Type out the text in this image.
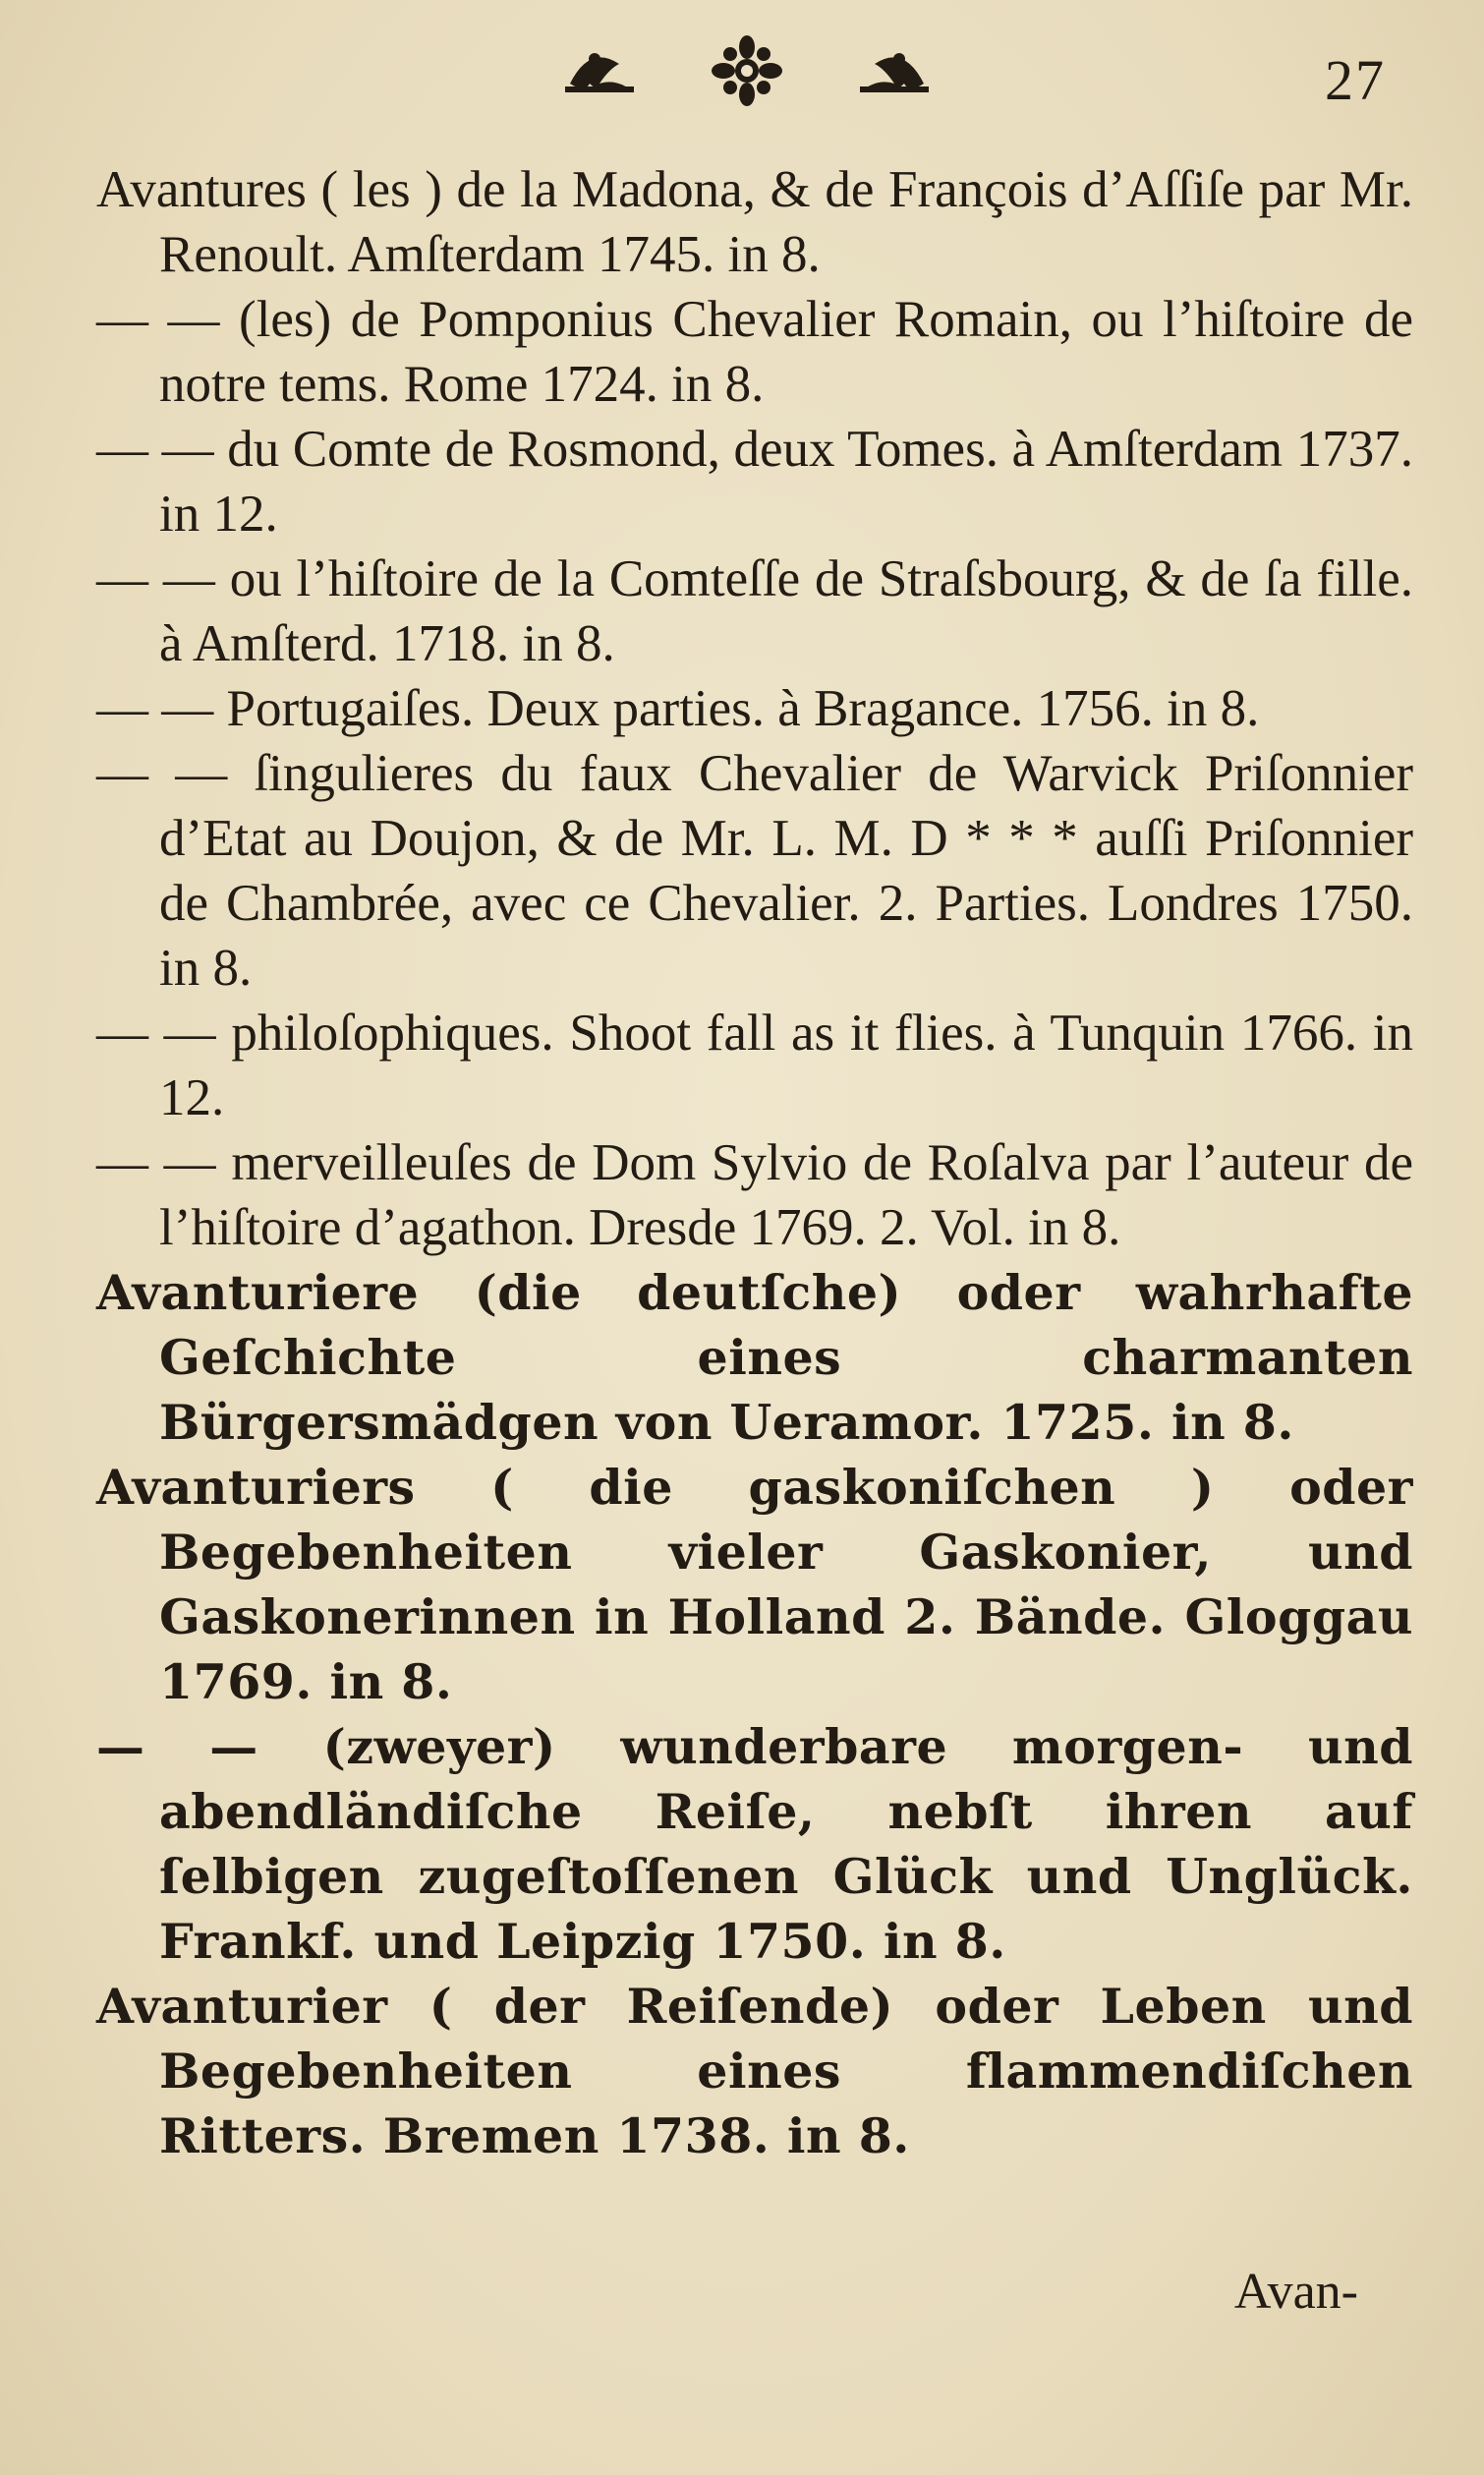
27

Avantures ( les ) de la Madona, & de François d’Aſſiſe par Mr. Renoult. Amſterdam 1745. in 8.

— — (les) de Pomponius Chevalier Romain, ou l’hiſtoire de notre tems. Rome 1724. in 8.

— — du Comte de Rosmond, deux Tomes. à Amſterdam 1737. in 12.

— — ou l’hiſtoire de la Comteſſe de Straſsbourg, & de ſa fille. à Amſterd. 1718. in 8.

— — Portugaiſes. Deux parties. à Bragance. 1756. in 8.

— — ſingulieres du faux Chevalier de Warvick Priſonnier d’Etat au Doujon, & de Mr. L. M. D * * * auſſi Priſonnier de Chambrée, avec ce Chevalier. 2. Parties. Londres 1750. in 8.

— — philoſophiques. Shoot fall as it flies. à Tunquin 1766. in 12.

— — merveilleuſes de Dom Sylvio de Roſalva par l’auteur de l’hiſtoire d’agathon. Dresde 1769. 2. Vol. in 8.

Avanturiere (die deutſche) oder wahrhafte Geſchichte eines charmanten Bürgersmädgen von Ueramor. 1725. in 8.

Avanturiers ( die gaskoniſchen ) oder Begebenheiten vieler Gaskonier, und Gaskonerinnen in Holland 2. Bände. Gloggau 1769. in 8.

— — (zweyer) wunderbare morgen- und abendländiſche Reiſe, nebſt ihren auf ſelbigen zugeſtoſſenen Glück und Unglück. Frankf. und Leipzig 1750. in 8.

Avanturier ( der Reiſende) oder Leben und Begebenheiten eines flammendiſchen Ritters. Bremen 1738. in 8.

Avan-
